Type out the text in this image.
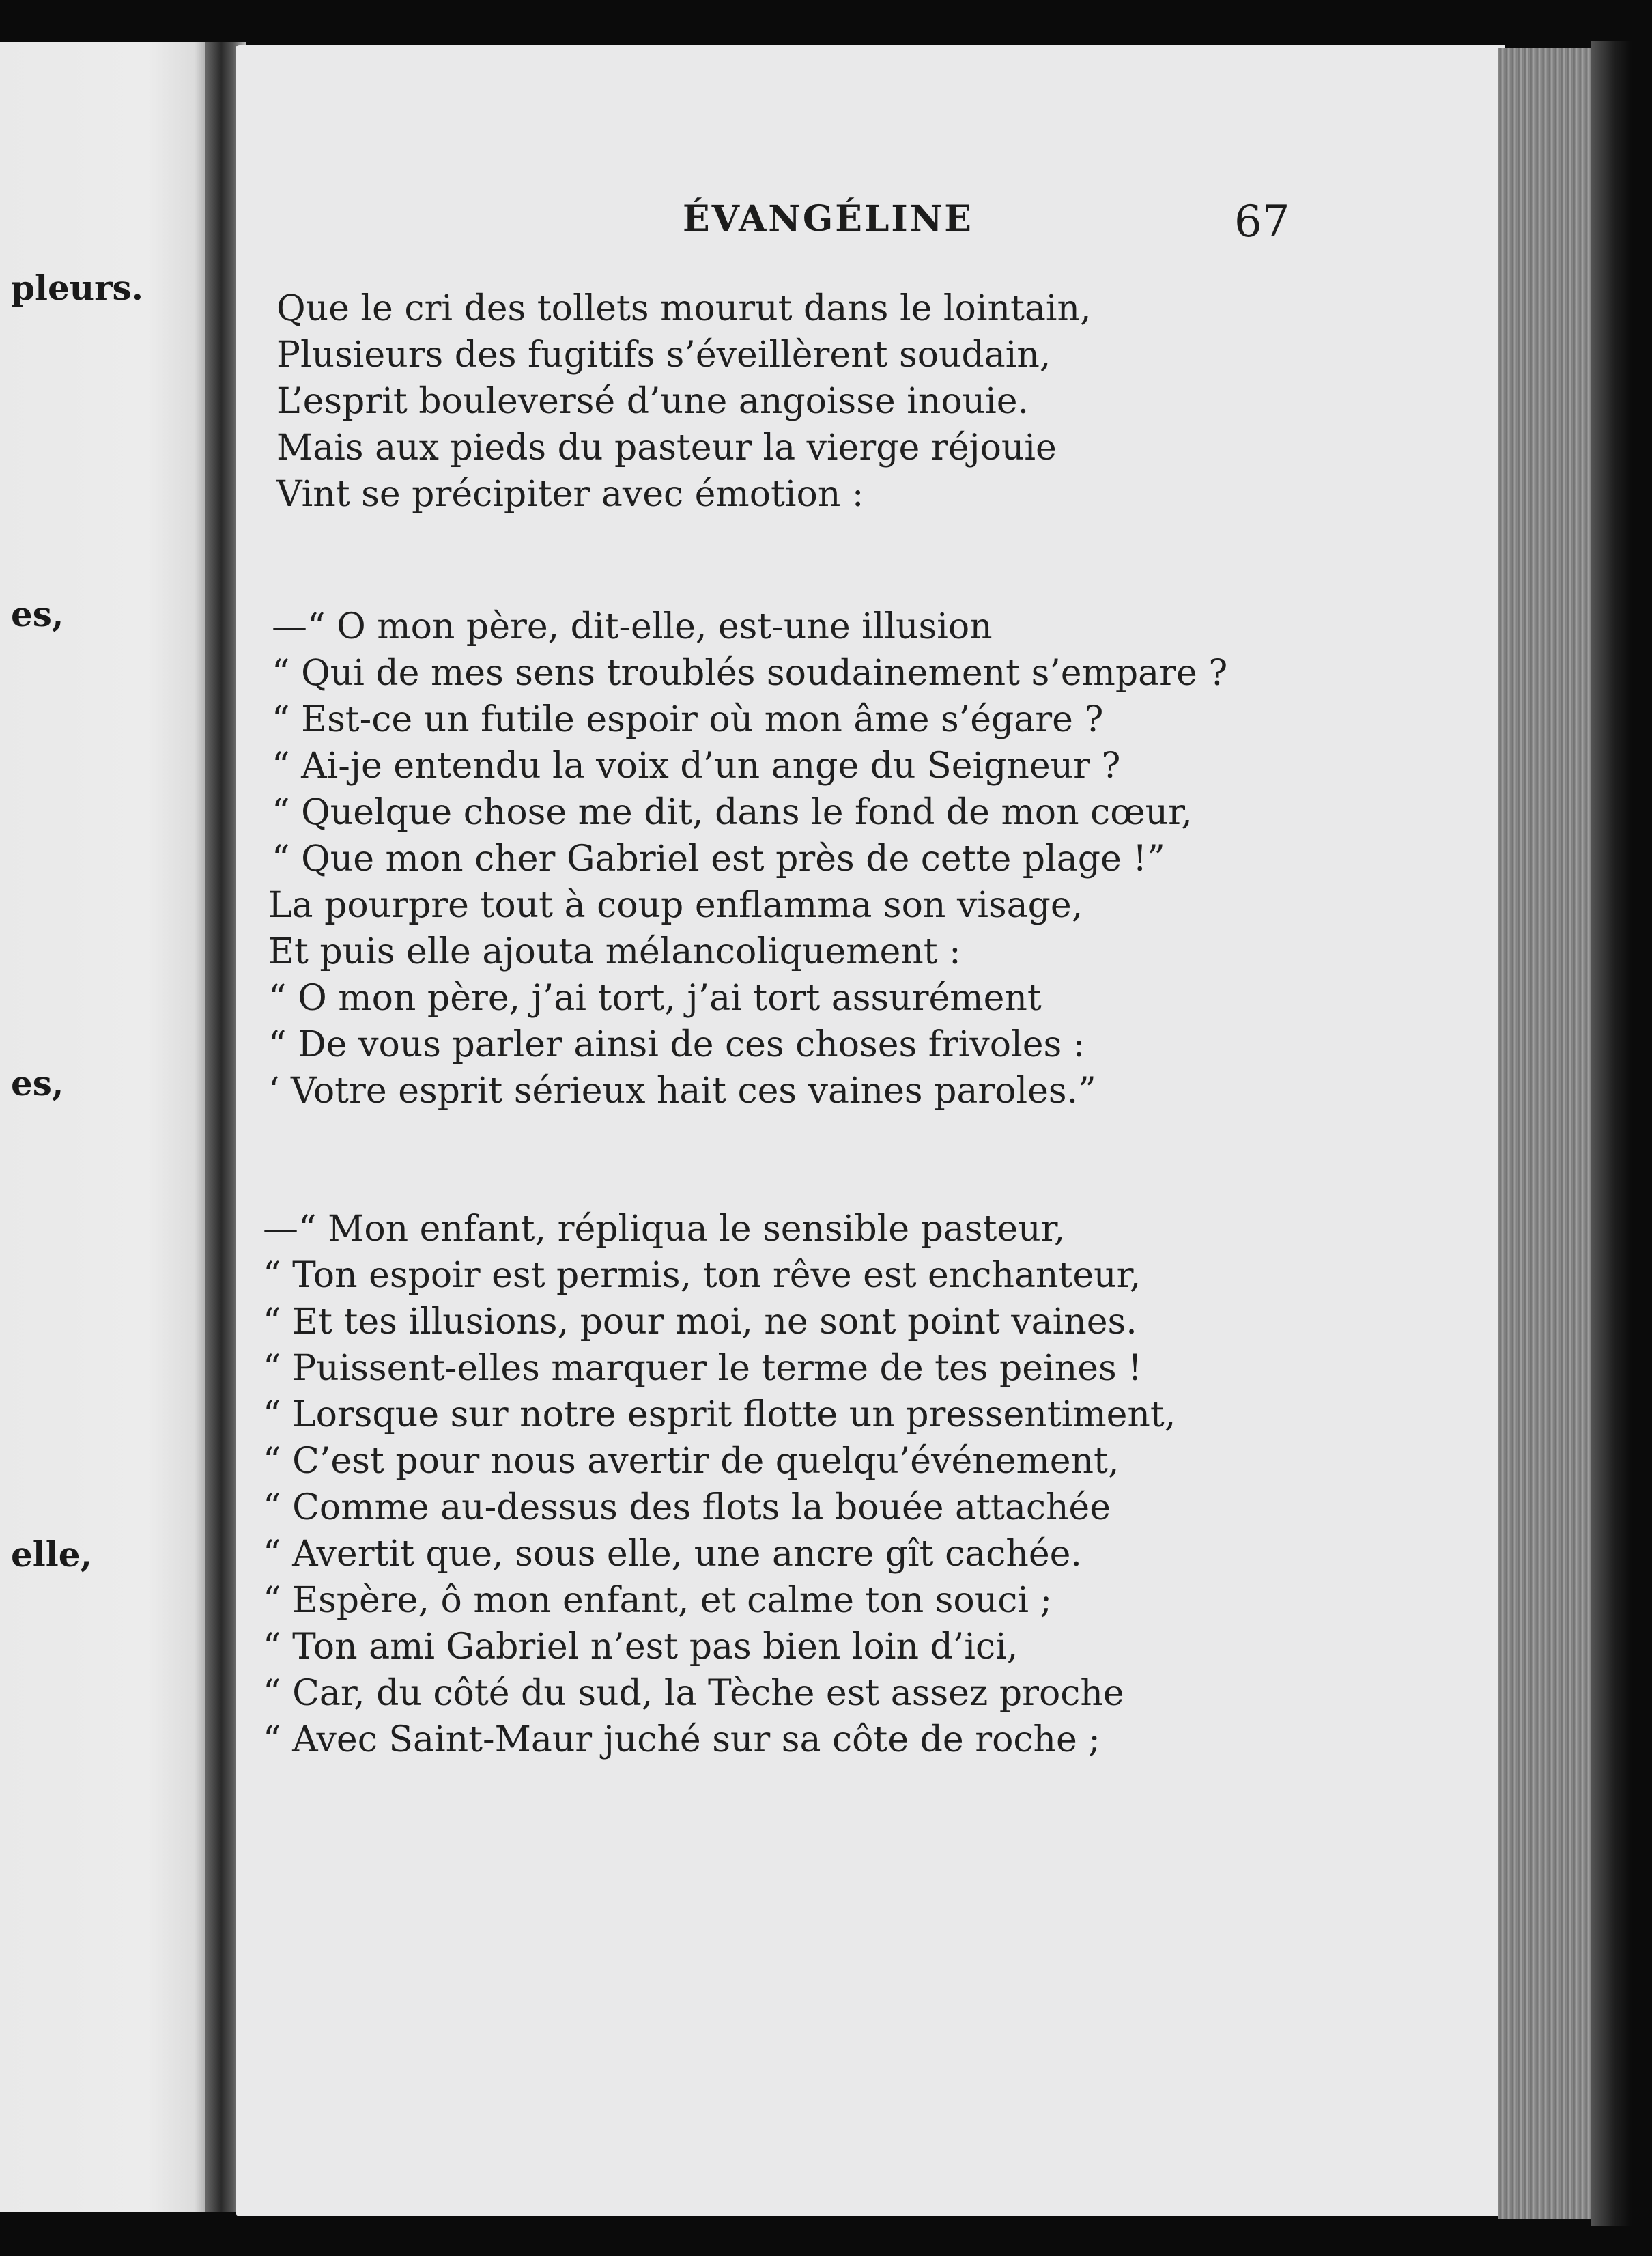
pleurs.
es,
es,
elle,
ÉVANGÉLINE	67
Que le cri des tollets mourut dans le lointain,
Plusieurs des fugitifs s’éveillèrent soudain,
L’esprit bouleversé d’une angoisse inouie.
Mais aux pieds du pasteur la vierge réjouie
Vint se précipiter avec émotion :
—“ O mon père, dit-elle, est-une illusion
“ Qui de mes sens troublés soudainement s’empare ?
“ Est-ce un futile espoir où mon âme s’égare ?
“ Ai-je entendu la voix d’un ange du Seigneur ?
“ Quelque chose me dit, dans le fond de mon cœur,
“ Que mon cher Gabriel est près de cette plage !”
La pourpre tout à coup enflamma son visage,
Et puis elle ajouta mélancoliquement :
“ O mon père, j’ai tort, j’ai tort assurément
“ De vous parler ainsi de ces choses frivoles :
‘ Votre esprit sérieux hait ces vaines paroles.”
—“ Mon enfant, répliqua le sensible pasteur,
“ Ton espoir est permis, ton rêve est enchanteur,
“ Et tes illusions, pour moi, ne sont point vaines.
“ Puissent-elles marquer le terme de tes peines !
“ Lorsque sur notre esprit flotte un pressentiment,
“ C’est pour nous avertir de quelqu’événement,
“ Comme au-dessus des flots la bouée attachée
“ Avertit que, sous elle, une ancre gît cachée.
“ Espère, ô mon enfant, et calme ton souci ;
“ Ton ami Gabriel n’est pas bien loin d’ici,
“ Car, du côté du sud, la Tèche est assez proche
“ Avec Saint-Maur juché sur sa côte de roche ;
